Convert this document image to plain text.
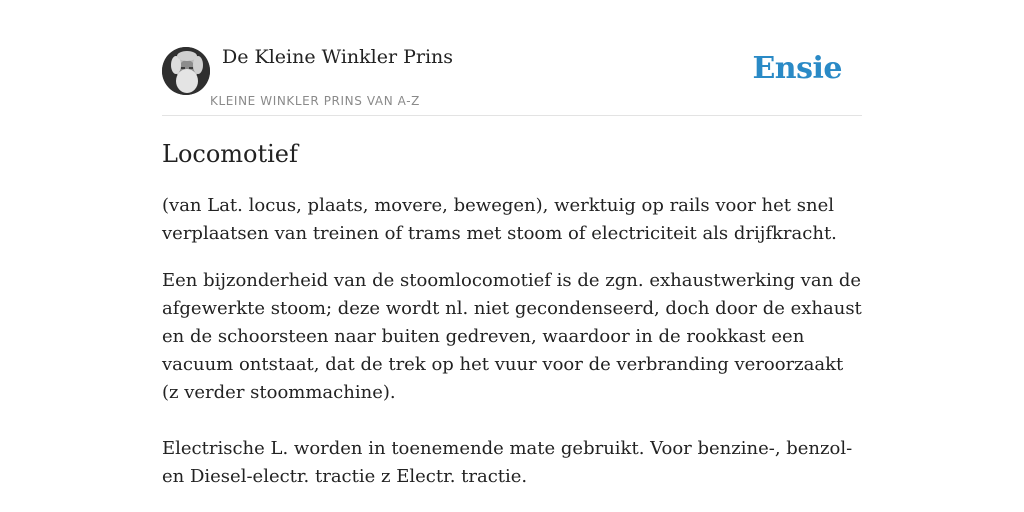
De Kleine Winkler Prins
KLEINE WINKLER PRINS VAN A-Z
Ensie
Locomotief

(van Lat. locus, plaats, movere, bewegen), werktuig op rails voor het snel verplaatsen van treinen of trams met stoom of electriciteit als drijfkracht.

Een bijzonderheid van de stoomlocomotief is de zgn. exhaustwerking van de afgewerkte stoom; deze wordt nl. niet gecondenseerd, doch door de exhaust en de schoorsteen naar buiten gedreven, waardoor in de rookkast een vacuum ontstaat, dat de trek op het vuur voor de verbranding veroorzaakt (z verder stoommachine).

Electrische L. worden in toenemende mate gebruikt. Voor benzine-, benzol- en Diesel-electr. tractie z Electr. tractie.
